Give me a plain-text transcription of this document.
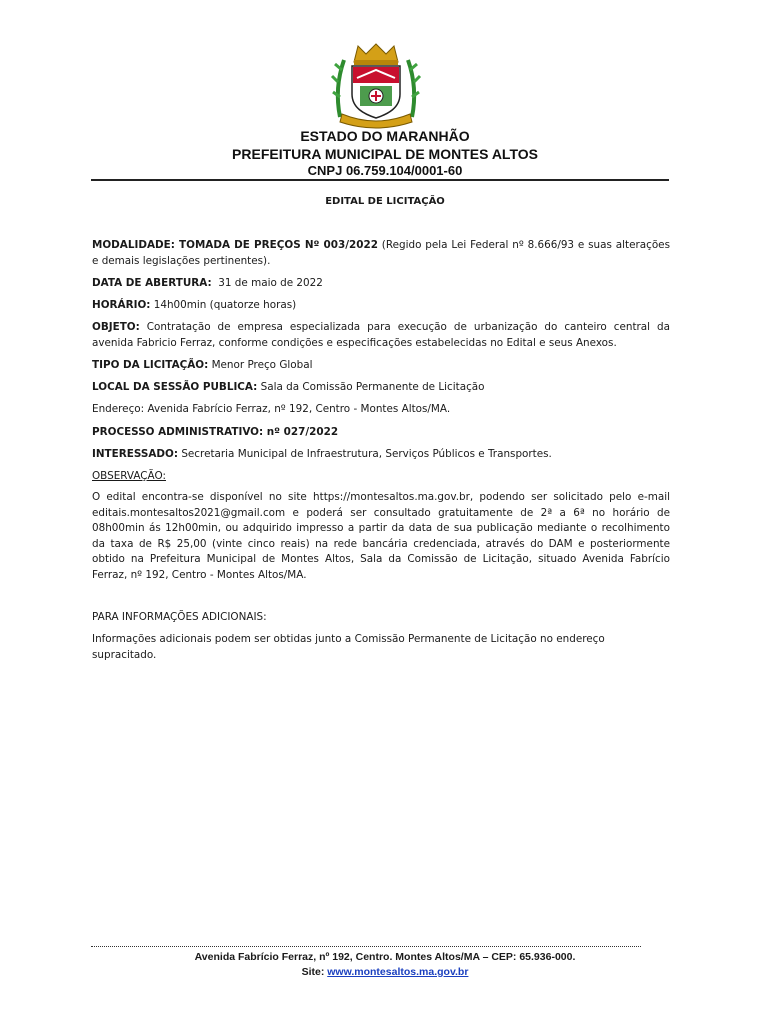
ESTADO DO MARANHÃO
PREFEITURA MUNICIPAL DE MONTES ALTOS
CNPJ 06.759.104/0001-60
EDITAL DE LICITAÇÃO
MODALIDADE: TOMADA DE PREÇOS Nº 003/2022 (Regido pela Lei Federal nº 8.666/93 e suas alterações e demais legislações pertinentes).
DATA DE ABERTURA:  31 de maio de 2022
HORÁRIO: 14h00min (quatorze horas)
OBJETO: Contratação de empresa especializada para execução de urbanização do canteiro central da avenida Fabricio Ferraz, conforme condições e especificações estabelecidas no Edital e seus Anexos.
TIPO DA LICITAÇÃO: Menor Preço Global
LOCAL DA SESSÃO PUBLICA: Sala da Comissão Permanente de Licitação
Endereço: Avenida Fabrício Ferraz, nº 192, Centro - Montes Altos/MA.
PROCESSO ADMINISTRATIVO: nº 027/2022
INTERESSADO: Secretaria Municipal de Infraestrutura, Serviços Públicos e Transportes.
OBSERVAÇÃO:
O edital encontra-se disponível no site https://montesaltos.ma.gov.br, podendo ser solicitado pelo e-mail editais.montesaltos2021@gmail.com e poderá ser consultado gratuitamente de 2ª a 6ª no horário de 08h00min ás 12h00min, ou adquirido impresso a partir da data de sua publicação mediante o recolhimento da taxa de R$ 25,00 (vinte cinco reais) na rede bancária credenciada, através do DAM e posteriormente obtido na Prefeitura Municipal de Montes Altos, Sala da Comissão de Licitação, situado Avenida Fabrício Ferraz, nº 192, Centro - Montes Altos/MA.
PARA INFORMAÇÕES ADICIONAIS:
Informações adicionais podem ser obtidas junto a Comissão Permanente de Licitação no endereço supracitado.
Avenida Fabrício Ferraz, nº 192, Centro. Montes Altos/MA – CEP: 65.936-000.
Site: www.montesaltos.ma.gov.br
